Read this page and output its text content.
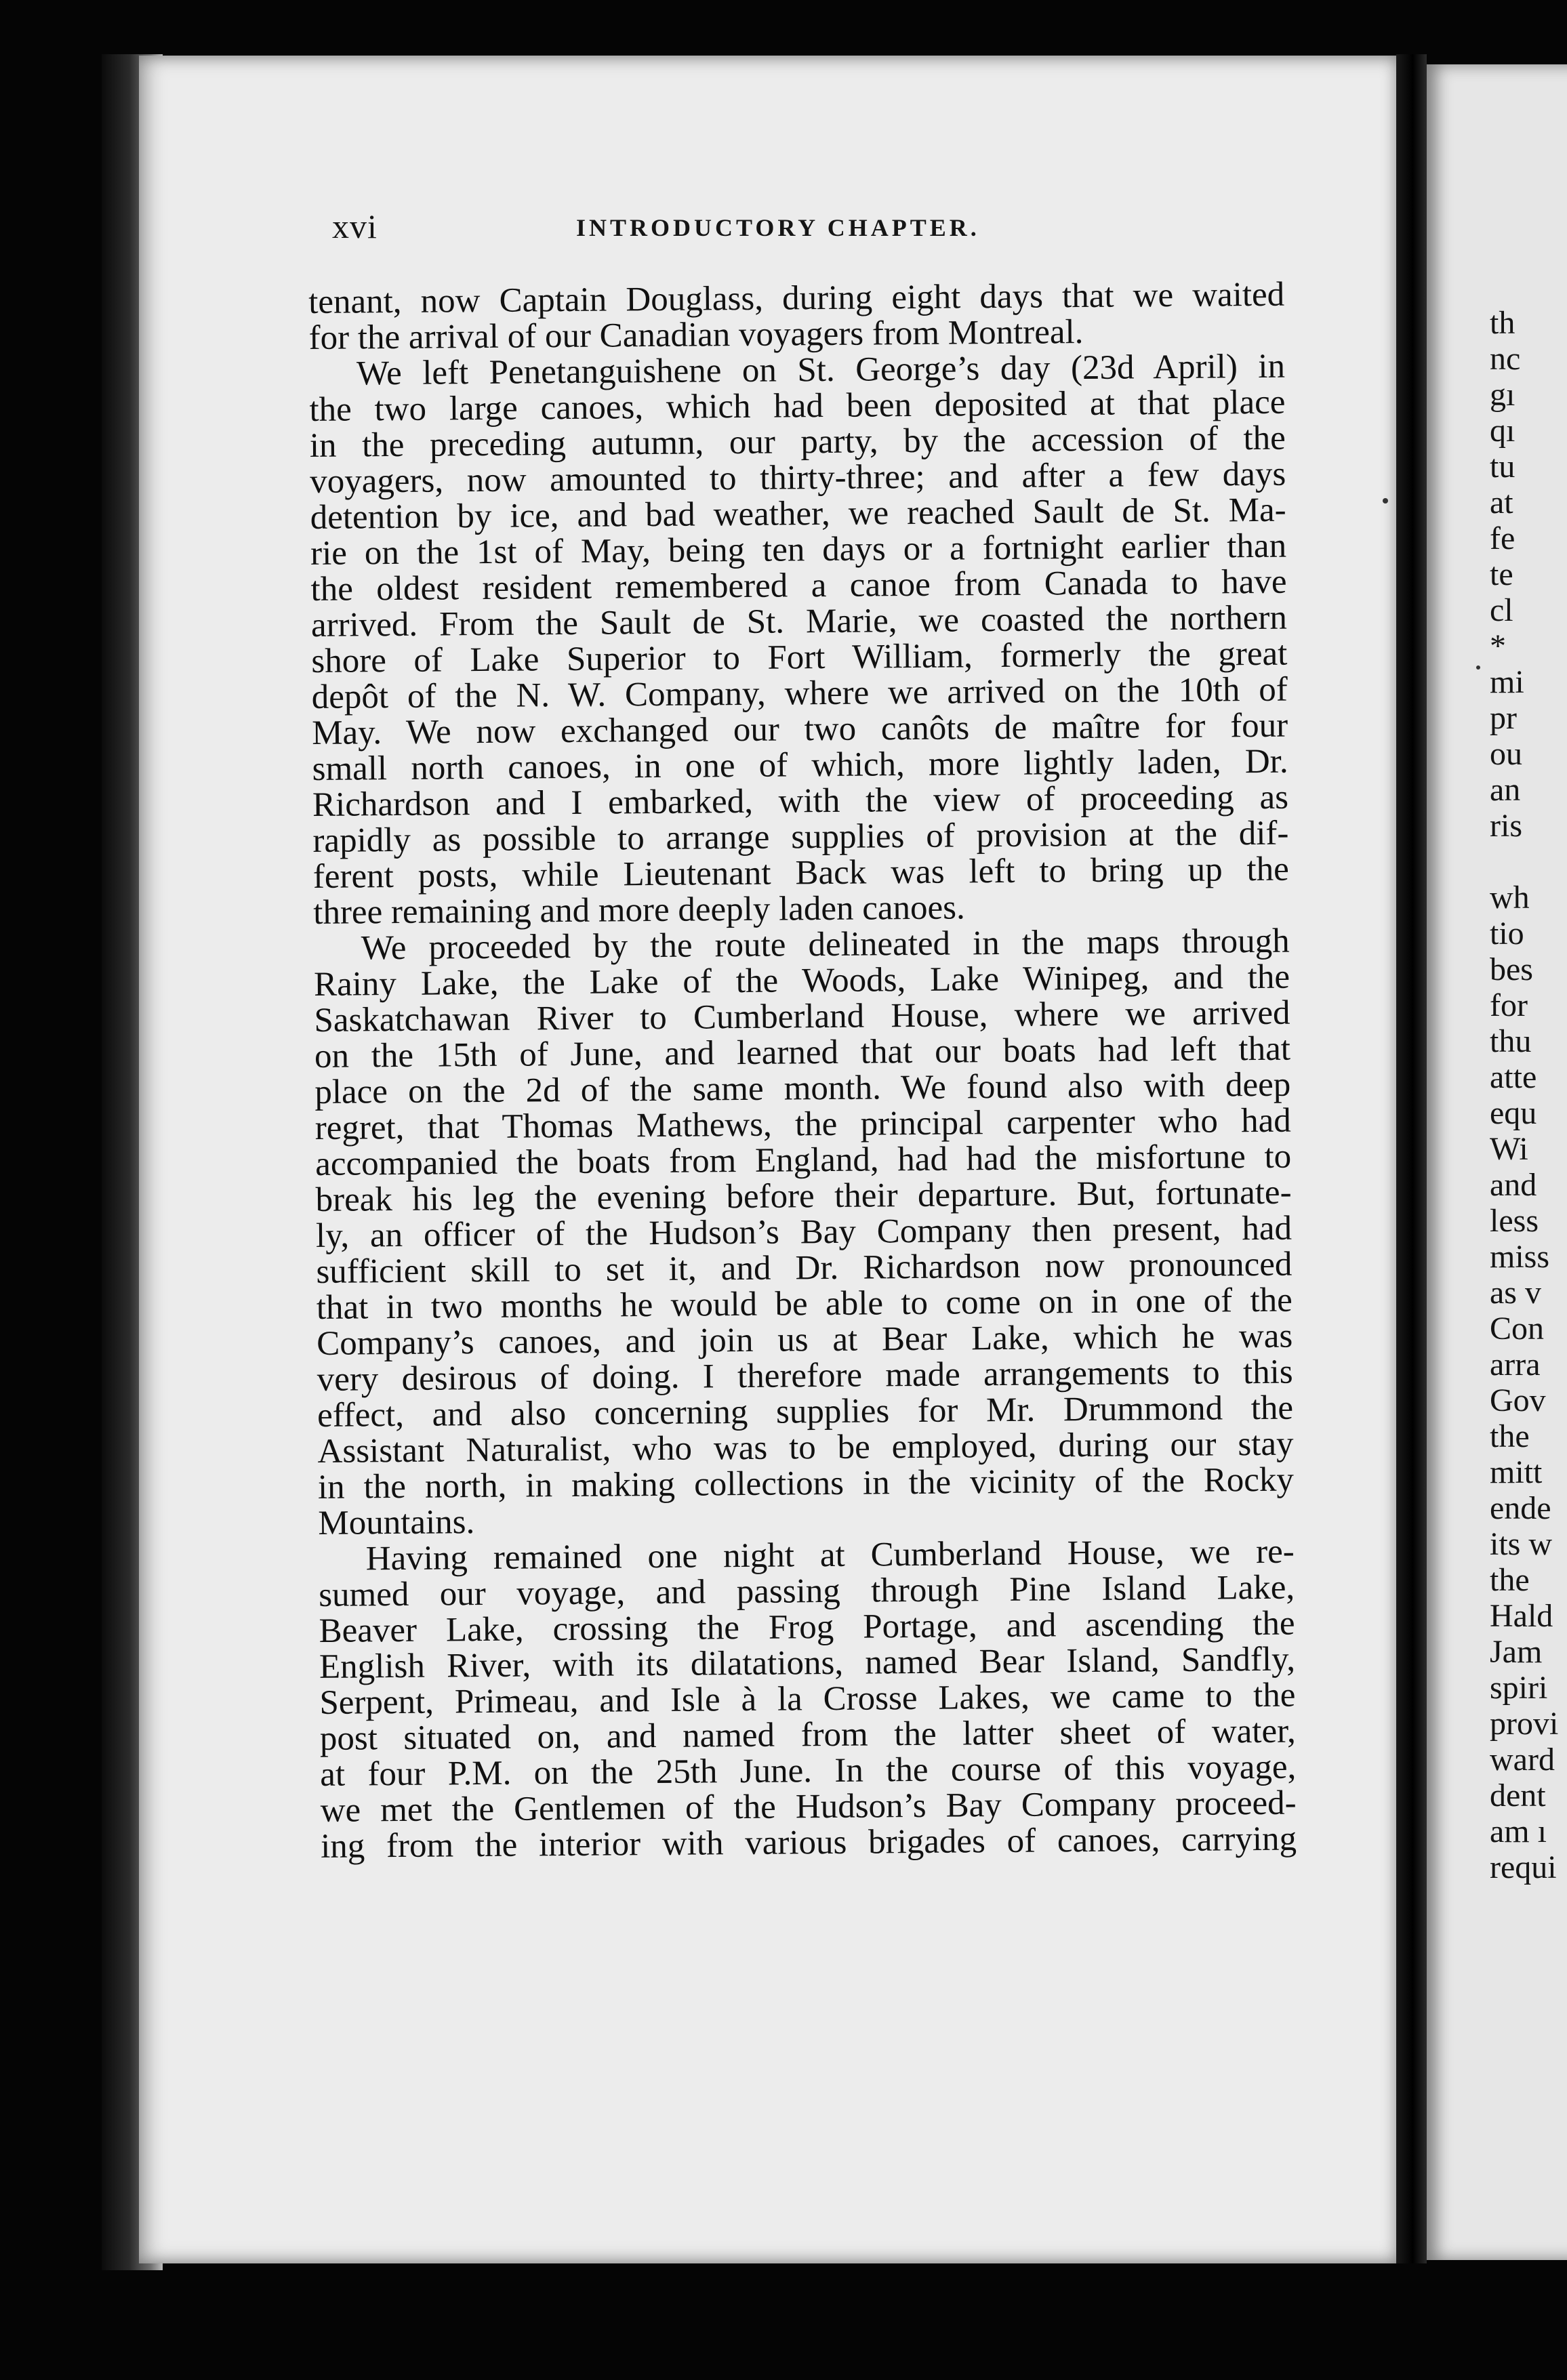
xvi	INTRODUCTORY CHAPTER.
tenant, now Captain Douglass, during eight days that we waited
for the arrival of our Canadian voyagers from Montreal.
We left Penetanguishene on St. George’s day (23d April) in
the two large canoes, which had been deposited at that place
in the preceding autumn, our party, by the accession of the
voyagers, now amounted to thirty-three; and after a few days
detention by ice, and bad weather, we reached Sault de St. Ma-
rie on the 1st of May, being ten days or a fortnight earlier than
the oldest resident remembered a canoe from Canada to have
arrived. From the Sault de St. Marie, we coasted the northern
shore of Lake Superior to Fort William, formerly the great
depôt of the N. W. Company, where we arrived on the 10th of
May. We now exchanged our two canôts de maître for four
small north canoes, in one of which, more lightly laden, Dr.
Richardson and I embarked, with the view of proceeding as
rapidly as possible to arrange supplies of provision at the dif-
ferent posts, while Lieutenant Back was left to bring up the
three remaining and more deeply laden canoes.
We proceeded by the route delineated in the maps through
Rainy Lake, the Lake of the Woods, Lake Winipeg, and the
Saskatchawan River to Cumberland House, where we arrived
on the 15th of June, and learned that our boats had left that
place on the 2d of the same month. We found also with deep
regret, that Thomas Mathews, the principal carpenter who had
accompanied the boats from England, had had the misfortune to
break his leg the evening before their departure. But, fortunate-
ly, an officer of the Hudson’s Bay Company then present, had
sufficient skill to set it, and Dr. Richardson now pronounced
that in two months he would be able to come on in one of the
Company’s canoes, and join us at Bear Lake, which he was
very desirous of doing. I therefore made arrangements to this
effect, and also concerning supplies for Mr. Drummond the
Assistant Naturalist, who was to be employed, during our stay
in the north, in making collections in the vicinity of the Rocky
Mountains.
Having remained one night at Cumberland House, we re-
sumed our voyage, and passing through Pine Island Lake,
Beaver Lake, crossing the Frog Portage, and ascending the
English River, with its dilatations, named Bear Island, Sandfly,
Serpent, Primeau, and Isle à la Crosse Lakes, we came to the
post situated on, and named from the latter sheet of water,
at four P.M. on the 25th June. In the course of this voyage,
we met the Gentlemen of the Hudson’s Bay Company proceed-
ing from the interior with various brigades of canoes, carrying
th
nc
gı
qı
tu
at
fe
te
cl
*
mi
pr
ou
an
ris
wh
tio
bes
for
thu
atte
equ
Wi
and
less
miss
as v
Con
arra
Gov
the
mitt
ende
its w
the
Hald
Jam
spiri
provi
ward
dent
am ı
requi
